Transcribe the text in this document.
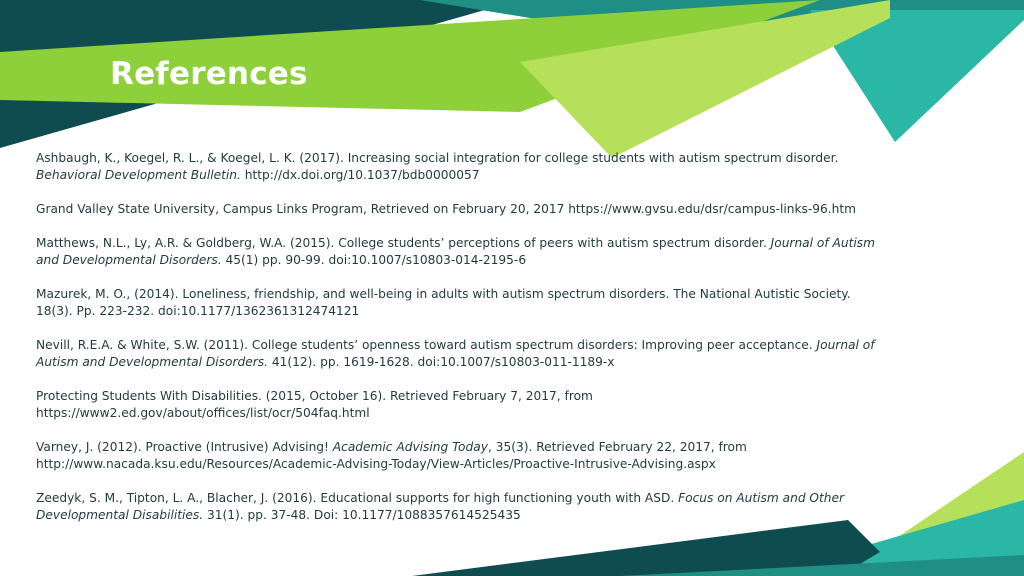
References

Ashbaugh, K., Koegel, R. L., & Koegel, L. K. (2017). Increasing social integration for college students with autism spectrum disorder. Behavioral Development Bulletin. http://dx.doi.org/10.1037/bdb0000057

Grand Valley State University, Campus Links Program, Retrieved on February 20, 2017 https://www.gvsu.edu/dsr/campus-links-96.htm

Matthews, N.L., Ly, A.R. & Goldberg, W.A. (2015). College students’ perceptions of peers with autism spectrum disorder. Journal of Autism and Developmental Disorders. 45(1) pp. 90-99. doi:10.1007/s10803-014-2195-6

Mazurek, M. O., (2014). Loneliness, friendship, and well-being in adults with autism spectrum disorders. The National Autistic Society. 18(3). Pp. 223-232. doi:10.1177/1362361312474121

Nevill, R.E.A. & White, S.W. (2011). College students’ openness toward autism spectrum disorders: Improving peer acceptance. Journal of Autism and Developmental Disorders. 41(12). pp. 1619-1628. doi:10.1007/s10803-011-1189-x

Protecting Students With Disabilities. (2015, October 16). Retrieved February 7, 2017, from https://www2.ed.gov/about/offices/list/ocr/504faq.html

Varney, J. (2012). Proactive (Intrusive) Advising! Academic Advising Today, 35(3). Retrieved February 22, 2017, from http://www.nacada.ksu.edu/Resources/Academic-Advising-Today/View-Articles/Proactive-Intrusive-Advising.aspx

Zeedyk, S. M., Tipton, L. A., Blacher, J. (2016). Educational supports for high functioning youth with ASD. Focus on Autism and Other Developmental Disabilities. 31(1). pp. 37-48. Doi: 10.1177/1088357614525435
